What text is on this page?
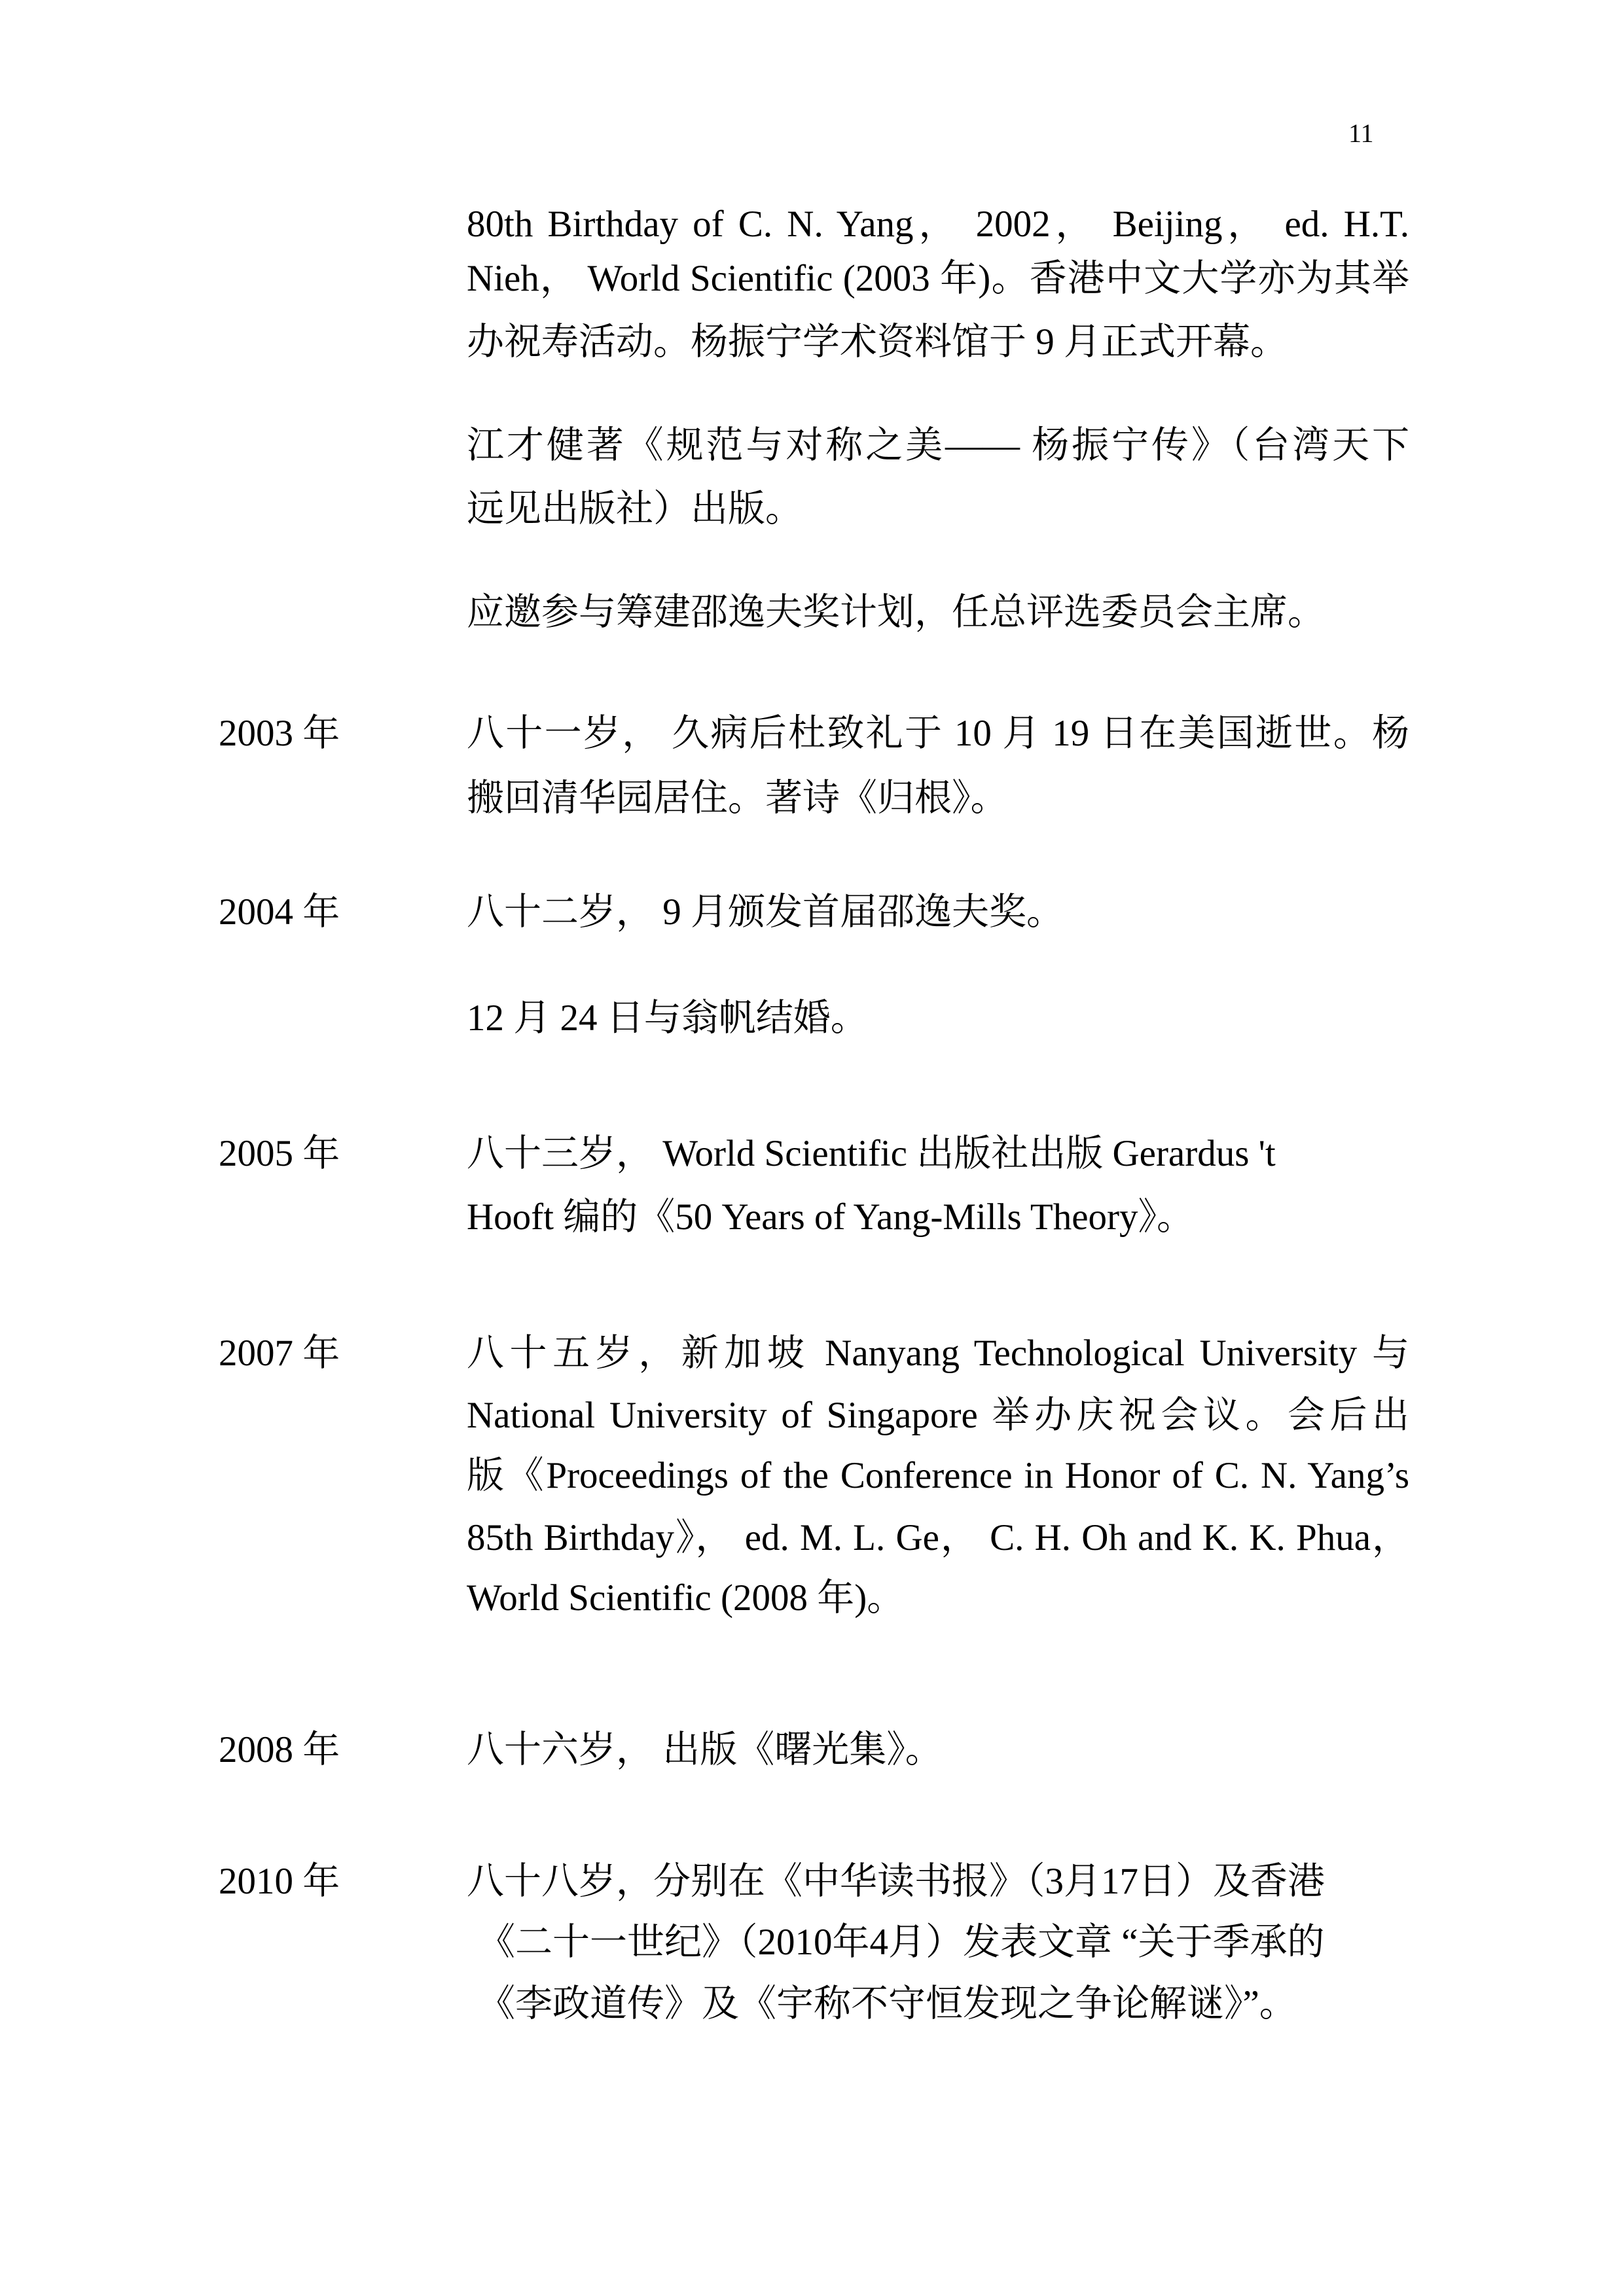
11
80th Birthday of C. N. Yang， 2002， Beijing， ed. H.T.
Nieh， World Scientific (2003 年)。香港中文大学亦为其举
办祝寿活动。杨振宁学术资料馆于 9 月正式开幕。
江才健著《规范与对称之美—— 杨振宁传》（台湾天下
远见出版社）出版。
应邀参与筹建邵逸夫奖计划，任总评选委员会主席。
2003 年	八十一岁， 久病后杜致礼于 10 月 19 日在美国逝世。杨
搬回清华园居住。著诗《归根》。
2004 年	八十二岁， 9 月颁发首届邵逸夫奖。
12 月 24 日与翁帆结婚。
2005 年	八十三岁， World Scientific 出版社出版 Gerardus 't
Hooft 编的《50 Years of Yang-Mills Theory》。
2007 年	八十五岁，新加坡 Nanyang Technological University 与
National University of Singapore 举办庆祝会议。会后出
版《Proceedings of the Conference in Honor of C. N. Yang’s
85th Birthday》， ed. M. L. Ge， C. H. Oh and K. K. Phua，
World Scientific (2008 年)。
2008 年	八十六岁， 出版《曙光集》。
2010 年	八十八岁，分别在《中华读书报》（3月17日）及香港
《二十一世纪》（2010年4月）发表文章 “关于季承的
《李政道传》及《宇称不守恒发现之争论解谜》”。
